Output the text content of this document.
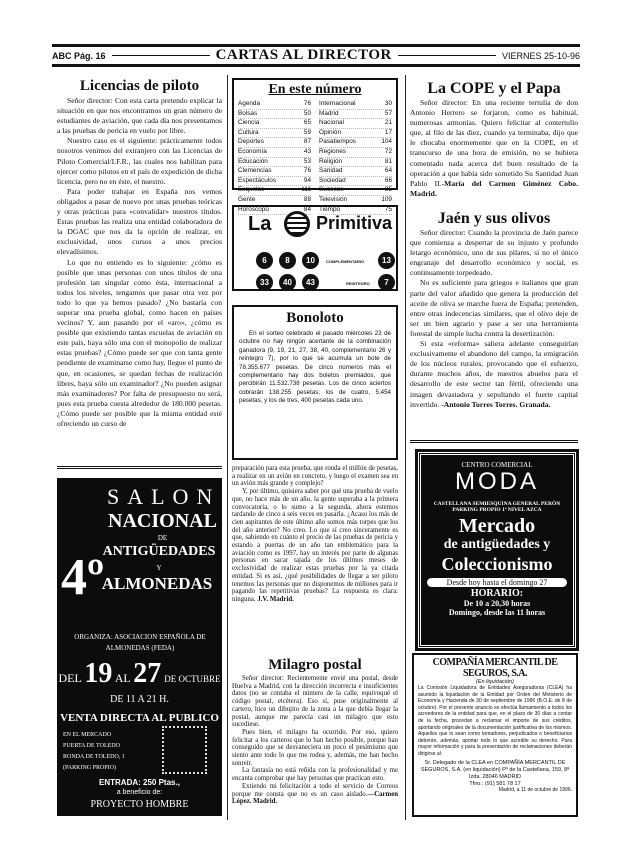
ABC Pág. 16	CARTAS AL DIRECTOR	VIERNES 25-10-96
Licencias de piloto

Señor director: Con esta carta pretendo explicar la situación en que nos encontramos un gran número de estudiantes de aviación, que cada día nos presentamos a las pruebas de pericia en vuelo por libre.

Nuestro caso es el siguiente: prácticamente todos nosotros venimos del extranjero con las Licencias de Piloto Comercial/I.F.R., las cuales nos habilitan para ejercer como pilotos en el país de expedición de dicha licencia, pero no en éste, el nuestro.

Para poder trabajar en España nos vemos obligados a pasar de nuevo por unas pruebas teóricas y otras prácticas para «convalidar» nuestros títulos. Estas pruebas las realiza una entidad colaboradora de la DGAC que nos da la opción de realizar, en exclusividad, unos cursos a unos precios elevadísimos.

Lo que no entiendo es lo siguiente: ¿cómo es posible que unas personas con unos títulos de una profesión tan singular como ésta, internacional a todos los niveles, tengamos que pasar otra vez por todo lo que ya hemos pasado? ¿No bastaría con superar una prueba global, como hacen en países vecinos? Y, aun pasando por el «aro», ¿cómo es posible que existiendo tantas escuelas de aviación en este país, haya sólo una con el monopolio de realizar estas pruebas? ¿Cómo puede ser que con tanta gente pendiente de examinarse como hay, llegue el punto de que, en ocasiones, se quedan fechas de realización libres, haya sólo un examinador? ¿No pueden asignar más examinadores? Por falta de presupuesto no será, pues esta prueba cuesta alrededor de 180.000 pesetas. ¿Cómo puede ser posible que la misma entidad esté ofreciendo un curso de

4º
SALON
NACIONAL
DE
ANTIGÜEDADES
Y
ALMONEDAS
ORGANIZA: ASOCIACION ESPAÑOLA DE ALMONEDAS (FEDA)
DEL 19 AL 27 DE OCTUBRE
DE 11 A 21 H.
VENTA DIRECTA AL PUBLICO
EN EL MERCADO
PUERTA DE TOLEDO
RONDA DE TOLEDO, 1
(PARKING PROPIO)
ENTRADA: 250 Ptas.,
a beneficio de:
PROYECTO HOMBRE
En este número
Agenda	76
Bolsas	50
Ciencia	65
Cultura	59
Deportes	87
Economía	43
Educación	53
Clemencias	76
Espectáculos	94
Esquelas	111
Gente	88
Horóscopo	84
Internacional	30
Madrid	57
Nacional	21
Opinión	17
Pasatiempos	104
Regiones	72
Religión	81
Sanidad	64
Sociedad	66
Sucesos	85
Televisión	109
Tiempo	75
La Primitiva
6	8	10
33	40	43
COMPLEMENTARIO	13
REINTEGRO	7
Bonoloto

En el sorteo celebrado el pasado miércoles 23 de octubre no hay ningún acertante de la combinación ganadora (9, 19, 21, 27, 38, 40, complementario 26 y reintegro 7), por lo que se acumula un bote de 78.355.677 pesetas. De cinco números más el complementario hay dos boletos premiados, que percibirán 11.532.738 pesetas. Los de cinco aciertos cobrarán 138.255 pesetas; los de cuatro, 5.454 pesetas, y los de tres, 400 pesetas cada uno.

preparación para esta prueba, que ronda el millón de pesetas, a realizar en un avión en concreto, y luego el examen sea en un avión más grande y complejo?

Y, por último, quisiera saber por qué una prueba de vuelo que, no hace más de un año, la gente superaba a la primera convocatoria, o lo sumo a la segunda, ahora estemos tardando de cinco a seis veces en pasarla. ¿Acaso los más de cien aspirantes de este último año somos más torpes que los del año anterior? No creo. Lo que sí creo sinceramente es que, sabiendo en cuánto el precio de las pruebas de pericia y estando a puertas de un año tan emblemático para la aviación como es 1997, hay un interés por parte de algunas personas en sacar tajada de los últimos meses de exclusividad de realizar estas pruebas por la ya citada entidad. Si es así, ¿qué posibilidades de llegar a ser piloto tenemos las personas que no disponemos de millones para ir pagando las repetitivas pruebas? La respuesta es clara: ninguna. J.V. Madrid.

Milagro postal

Señor director: Recientemente envié una postal, desde Huelva a Madrid, con la dirección incorrecta e insuficientes datos (no se contaba el número de la calle, equivoqué el código postal, etcétera). Eso sí, puse originalmente al cartero, hice un dibujito de la zona a la que debía llegar la postal, aunque me parecía casi un milagro que esto sucediese.

Pues bien, el milagro ha ocurrido. Por eso, quiero felicitar a los carteros que lo han hecho posible, porque han conseguido que se desvaneciera un poco el pesimismo que siento ante todo lo que me rodea y, además, me han hecho sonreír.

La fantasía no está reñida con la profesionalidad y me encanta comprobar que hay personas que practican esto.

Extiendo mi felicitación a todo el servicio de Correos porque me consta que no es un caso aislado.—Carmen López. Madrid.

La COPE y el Papa

Señor director: En una reciente tertulia de don Antonio Herrero se forjaron, como es habitual, numerosas armonías. Quiero felicitar al contertulio que, al filo de las diez, cuando ya terminaba, dijo que le chocaba enormemente que en la COPE, en el transcurso de una hora de emisión, no se hubiera comentado nada acerca del buen resultado de la operación a que había sido sometido Su Santidad Juan Pablo II.-María del Carmen Giménez Cobo. Madrid.

Jaén y sus olivos

Señor director: Cuando la provincia de Jaén parece que comienza a despertar de su injusto y profundo letargo económico, uno de sus pilares, si no el único engranaje del desarrollo económico y social, es continuamente torpedeado.

No es suficiente para griegos e italianos que gran parte del valor añadido que genera la producción del aceite de oliva se marche fuera de España; pretenden, entre otras indecencias similares, que el olivo deje de ser un bien agrario y pase a ser una herramienta forestal de simple lucha contra la desertización.

Si esta «reforma» saliera adelante conseguirían exclusivamente el abandono del campo, la emigración de los núcleos rurales, provocando que el esfuerzo, durante muchos años, de nuestros abuelos para el desarrollo de este sector tan fértil, ofreciendo una imagen devastadora y sepultando el fuerte capital invertido. -Antonio Torres Torres. Granada.

CENTRO COMERCIAL
MODA
CASTELLANA SEMIESQUINA GENERAL PERÓN
PARKING PROPIO 1ª NIVEL AZCA
Mercado
de antigüedades y
Coleccionismo
Desde hoy hasta el domingo 27
HORARIO:
De 10 a 20,30 horas
Domingo, desde las 11 horas
COMPAÑÍA MERCANTIL DE SEGUROS, S.A.
(En liquidación)
La Comisión Liquidadora de Entidades Aseguradoras (CLEA) ha asumido la liquidación de la Entidad por Orden del Ministerio de Economía y Hacienda de 30 de septiembre de 1996 (B.O.E. de 8 de octubre). Por el presente anuncio se efectúa llamamiento a todos los acreedores de la entidad para que, en el plazo de 30 días a contar de la fecha, procedan a reclamar el importe de sus créditos, aportando originales de la documentación justificativa de los mismos. Aquellos que lo sean como tomadores, perjudicados o beneficiarios deberán, además, aportar todo lo que acredite su derecho. Para mayor información y para la presentación de reclamaciones deberán dirigirse al:
Sr. Delegado de la CLEA en COMPAÑÍA MERCANTIL DE SEGUROS, S.A. (en liquidación) Pº de la Castellana, 159, 8ª Izda. 28046 MADRID
Tfno.: (91) 581 78 17
Madrid, a 11 de octubre de 1996.
